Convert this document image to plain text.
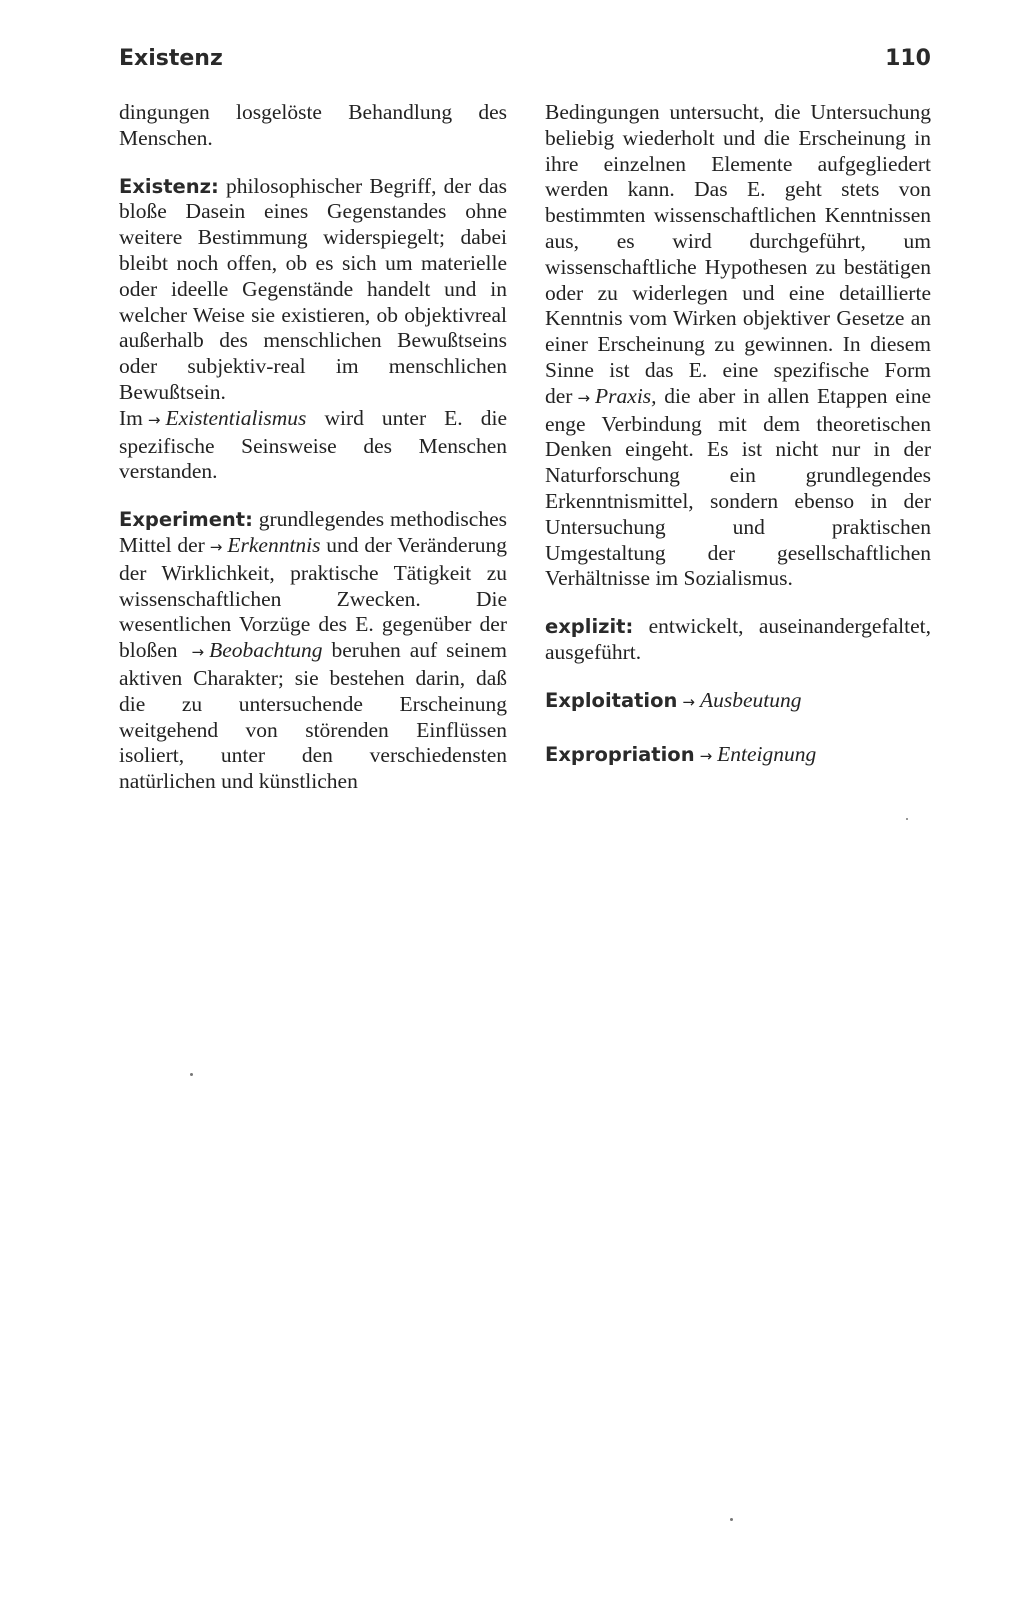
Existenz	110

dingungen losgelöste Behandlung des Menschen.

Existenz: philosophischer Begriff, der das bloße Dasein eines Gegenstandes ohne weitere Bestimmung widerspiegelt; dabei bleibt noch offen, ob es sich um materielle oder ideelle Gegenstände handelt und in welcher Weise sie existieren, ob objektivreal außerhalb des menschlichen Bewußtseins oder subjektiv-real im menschlichen Bewußtsein.

Im → Existentialismus wird unter E. die spezifische Seinsweise des Menschen verstanden.

Experiment: grundlegendes methodisches Mittel der → Erkenntnis und der Veränderung der Wirklichkeit, praktische Tätigkeit zu wissenschaftlichen Zwecken. Die wesentlichen Vorzüge des E. gegenüber der bloßen → Beobachtung beruhen auf seinem aktiven Charakter; sie bestehen darin, daß die zu untersuchende Erscheinung weitgehend von störenden Einflüssen isoliert, unter den verschiedensten natürlichen und künstlichen

Bedingungen untersucht, die Untersuchung beliebig wiederholt und die Erscheinung in ihre einzelnen Elemente aufgegliedert werden kann. Das E. geht stets von bestimmten wissenschaftlichen Kenntnissen aus, es wird durchgeführt, um wissenschaftliche Hypothesen zu bestätigen oder zu widerlegen und eine detaillierte Kenntnis vom Wirken objektiver Gesetze an einer Erscheinung zu gewinnen. In diesem Sinne ist das E. eine spezifische Form der → Praxis, die aber in allen Etappen eine enge Verbindung mit dem theoretischen Denken eingeht. Es ist nicht nur in der Naturforschung ein grundlegendes Erkenntnismittel, sondern ebenso in der Untersuchung und praktischen Umgestaltung der gesellschaftlichen Verhältnisse im Sozialismus.

explizit: entwickelt, auseinandergefaltet, ausgeführt.

Exploitation → Ausbeutung

Expropriation → Enteignung
